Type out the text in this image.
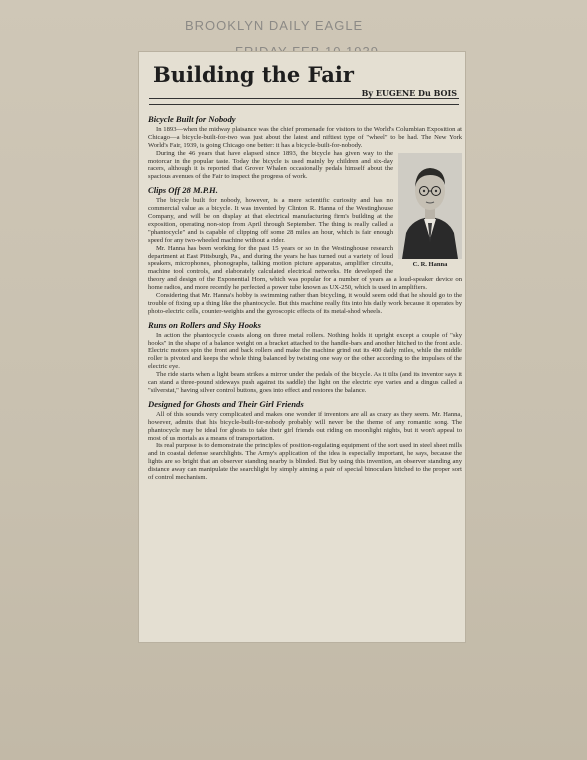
BROOKLYN DAILY EAGLE
Building the Fair
By EUGENE Du BOIS
Bicycle Built for Nobody

In 1893—when the midway plaisance was the chief promenade for visitors to the World's Columbian Exposition at Chicago—a bicycle-built-for-two was just about the latest and niftiest type of "wheel" to be had. The New York World's Fair, 1939, is going Chicago one better: it has a bicycle-built-for-nobody.

C. R. Hanna

During the 46 years that have elapsed since 1893, the bicycle has given way to the motorcar in the popular taste. Today the bicycle is used mainly by children and six-day racers, although it is reported that Grover Whalen occasionally pedals himself about the spacious avenues of the Fair to inspect the progress of work.

Clips Off 28 M.P.H.

The bicycle built for nobody, however, is a mere scientific curiosity and has no commercial value as a bicycle. It was invented by Clinton R. Hanna of the Westinghouse Company, and will be on display at that electrical manufacturing firm's building at the exposition, operating non-stop from April through September. The thing is really called a "phantocycle" and is capable of clipping off some 28 miles an hour, which is fair enough speed for any two-wheeled machine without a rider.

Mr. Hanna has been working for the past 15 years or so in the Westinghouse research department at East Pittsburgh, Pa., and during the years he has turned out a variety of loud speakers, microphones, phonographs, talking motion picture apparatus, amplifier circuits, machine tool controls, and elaborately calculated electrical networks. He developed the theory and design of the Exponential Horn, which was popular for a number of years as a loud-speaker device on home radios, and more recently he perfected a power tube known as UX-250, which is used in amplifiers.

Considering that Mr. Hanna's hobby is swimming rather than bicycling, it would seem odd that he should go to the trouble of fixing up a thing like the phantocycle. But this machine really fits into his daily work because it operates by photo-electric cells, counter-weights and the gyroscopic effects of its metal-shod wheels.

Runs on Rollers and Sky Hooks

In action the phantocycle coasts along on three metal rollers. Nothing holds it upright except a couple of "sky hooks" in the shape of a balance weight on a bracket attached to the handle-bars and another hitched to the front axle. Electric motors spin the front and back rollers and make the machine grind out its 400 daily miles, while the middle roller is pivoted and keeps the whole thing balanced by twisting one way or the other according to the impulses of the electric eye.

The ride starts when a light beam strikes a mirror under the pedals of the bicycle. As it tilts (and its inventor says it can stand a three-pound sideways push against its saddle) the light on the electric eye varies and a dingus called a "silverstat," having silver control buttons, goes into effect and restores the balance.

Designed for Ghosts and Their Girl Friends

All of this sounds very complicated and makes one wonder if inventors are all as crazy as they seem. Mr. Hanna, however, admits that his bicycle-built-for-nobody probably will never be the theme of any romantic song. The phantocycle may be ideal for ghosts to take their girl friends out riding on moonlight nights, but it won't appeal to most of us mortals as a means of transportation.

Its real purpose is to demonstrate the principles of position-regulating equipment of the sort used in steel sheet mills and in coastal defense searchlights. The Army's application of the idea is especially important, he says, because the lights are so bright that an observer standing nearby is blinded. But by using this invention, an observer standing any distance away can manipulate the searchlight by simply aiming a pair of special binoculars hitched to the proper sort of control mechanism.
